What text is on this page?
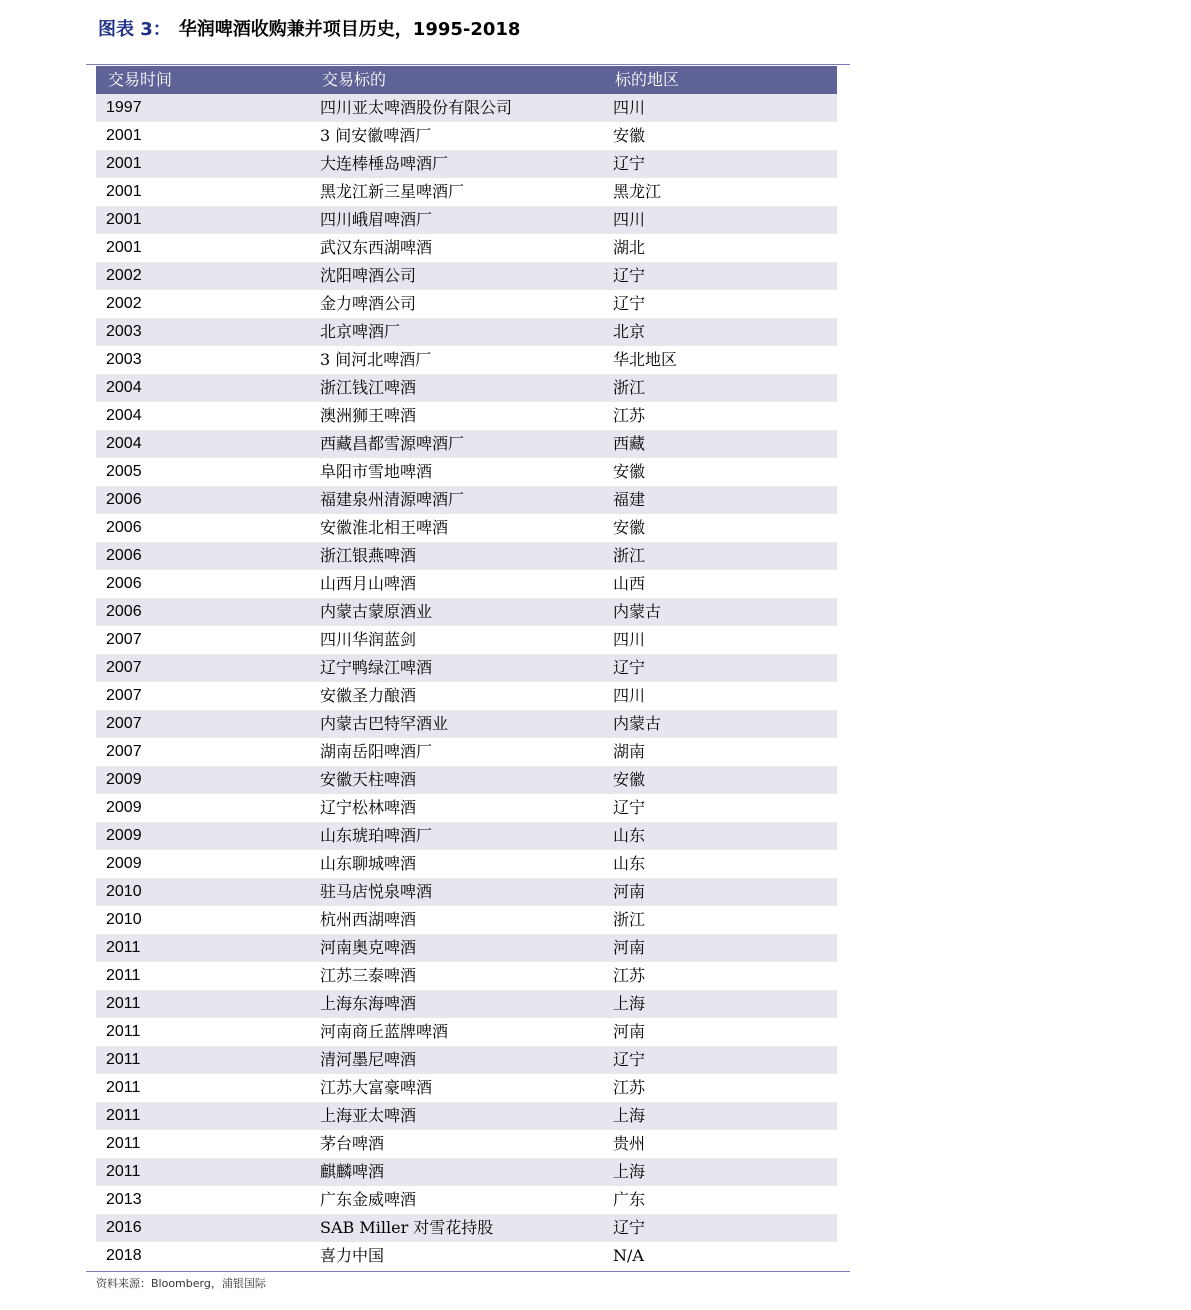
图表 3： 华润啤酒收购兼并项目历史，1995-2018
交易时间	交易标的	标的地区
1997	四川亚太啤酒股份有限公司	四川
2001	3 间安徽啤酒厂	安徽
2001	大连棒棰岛啤酒厂	辽宁
2001	黑龙江新三星啤酒厂	黑龙江
2001	四川峨眉啤酒厂	四川
2001	武汉东西湖啤酒	湖北
2002	沈阳啤酒公司	辽宁
2002	金力啤酒公司	辽宁
2003	北京啤酒厂	北京
2003	3 间河北啤酒厂	华北地区
2004	浙江钱江啤酒	浙江
2004	澳洲狮王啤酒	江苏
2004	西藏昌都雪源啤酒厂	西藏
2005	阜阳市雪地啤酒	安徽
2006	福建泉州清源啤酒厂	福建
2006	安徽淮北相王啤酒	安徽
2006	浙江银燕啤酒	浙江
2006	山西月山啤酒	山西
2006	内蒙古蒙原酒业	内蒙古
2007	四川华润蓝剑	四川
2007	辽宁鸭绿江啤酒	辽宁
2007	安徽圣力酿酒	四川
2007	内蒙古巴特罕酒业	内蒙古
2007	湖南岳阳啤酒厂	湖南
2009	安徽天柱啤酒	安徽
2009	辽宁松林啤酒	辽宁
2009	山东琥珀啤酒厂	山东
2009	山东聊城啤酒	山东
2010	驻马店悦泉啤酒	河南
2010	杭州西湖啤酒	浙江
2011	河南奥克啤酒	河南
2011	江苏三泰啤酒	江苏
2011	上海东海啤酒	上海
2011	河南商丘蓝牌啤酒	河南
2011	清河墨尼啤酒	辽宁
2011	江苏大富豪啤酒	江苏
2011	上海亚太啤酒	上海
2011	茅台啤酒	贵州
2011	麒麟啤酒	上海
2013	广东金威啤酒	广东
2016	SAB Miller 对雪花持股	辽宁
2018	喜力中国	N/A
资料来源：Bloomberg，浦银国际
